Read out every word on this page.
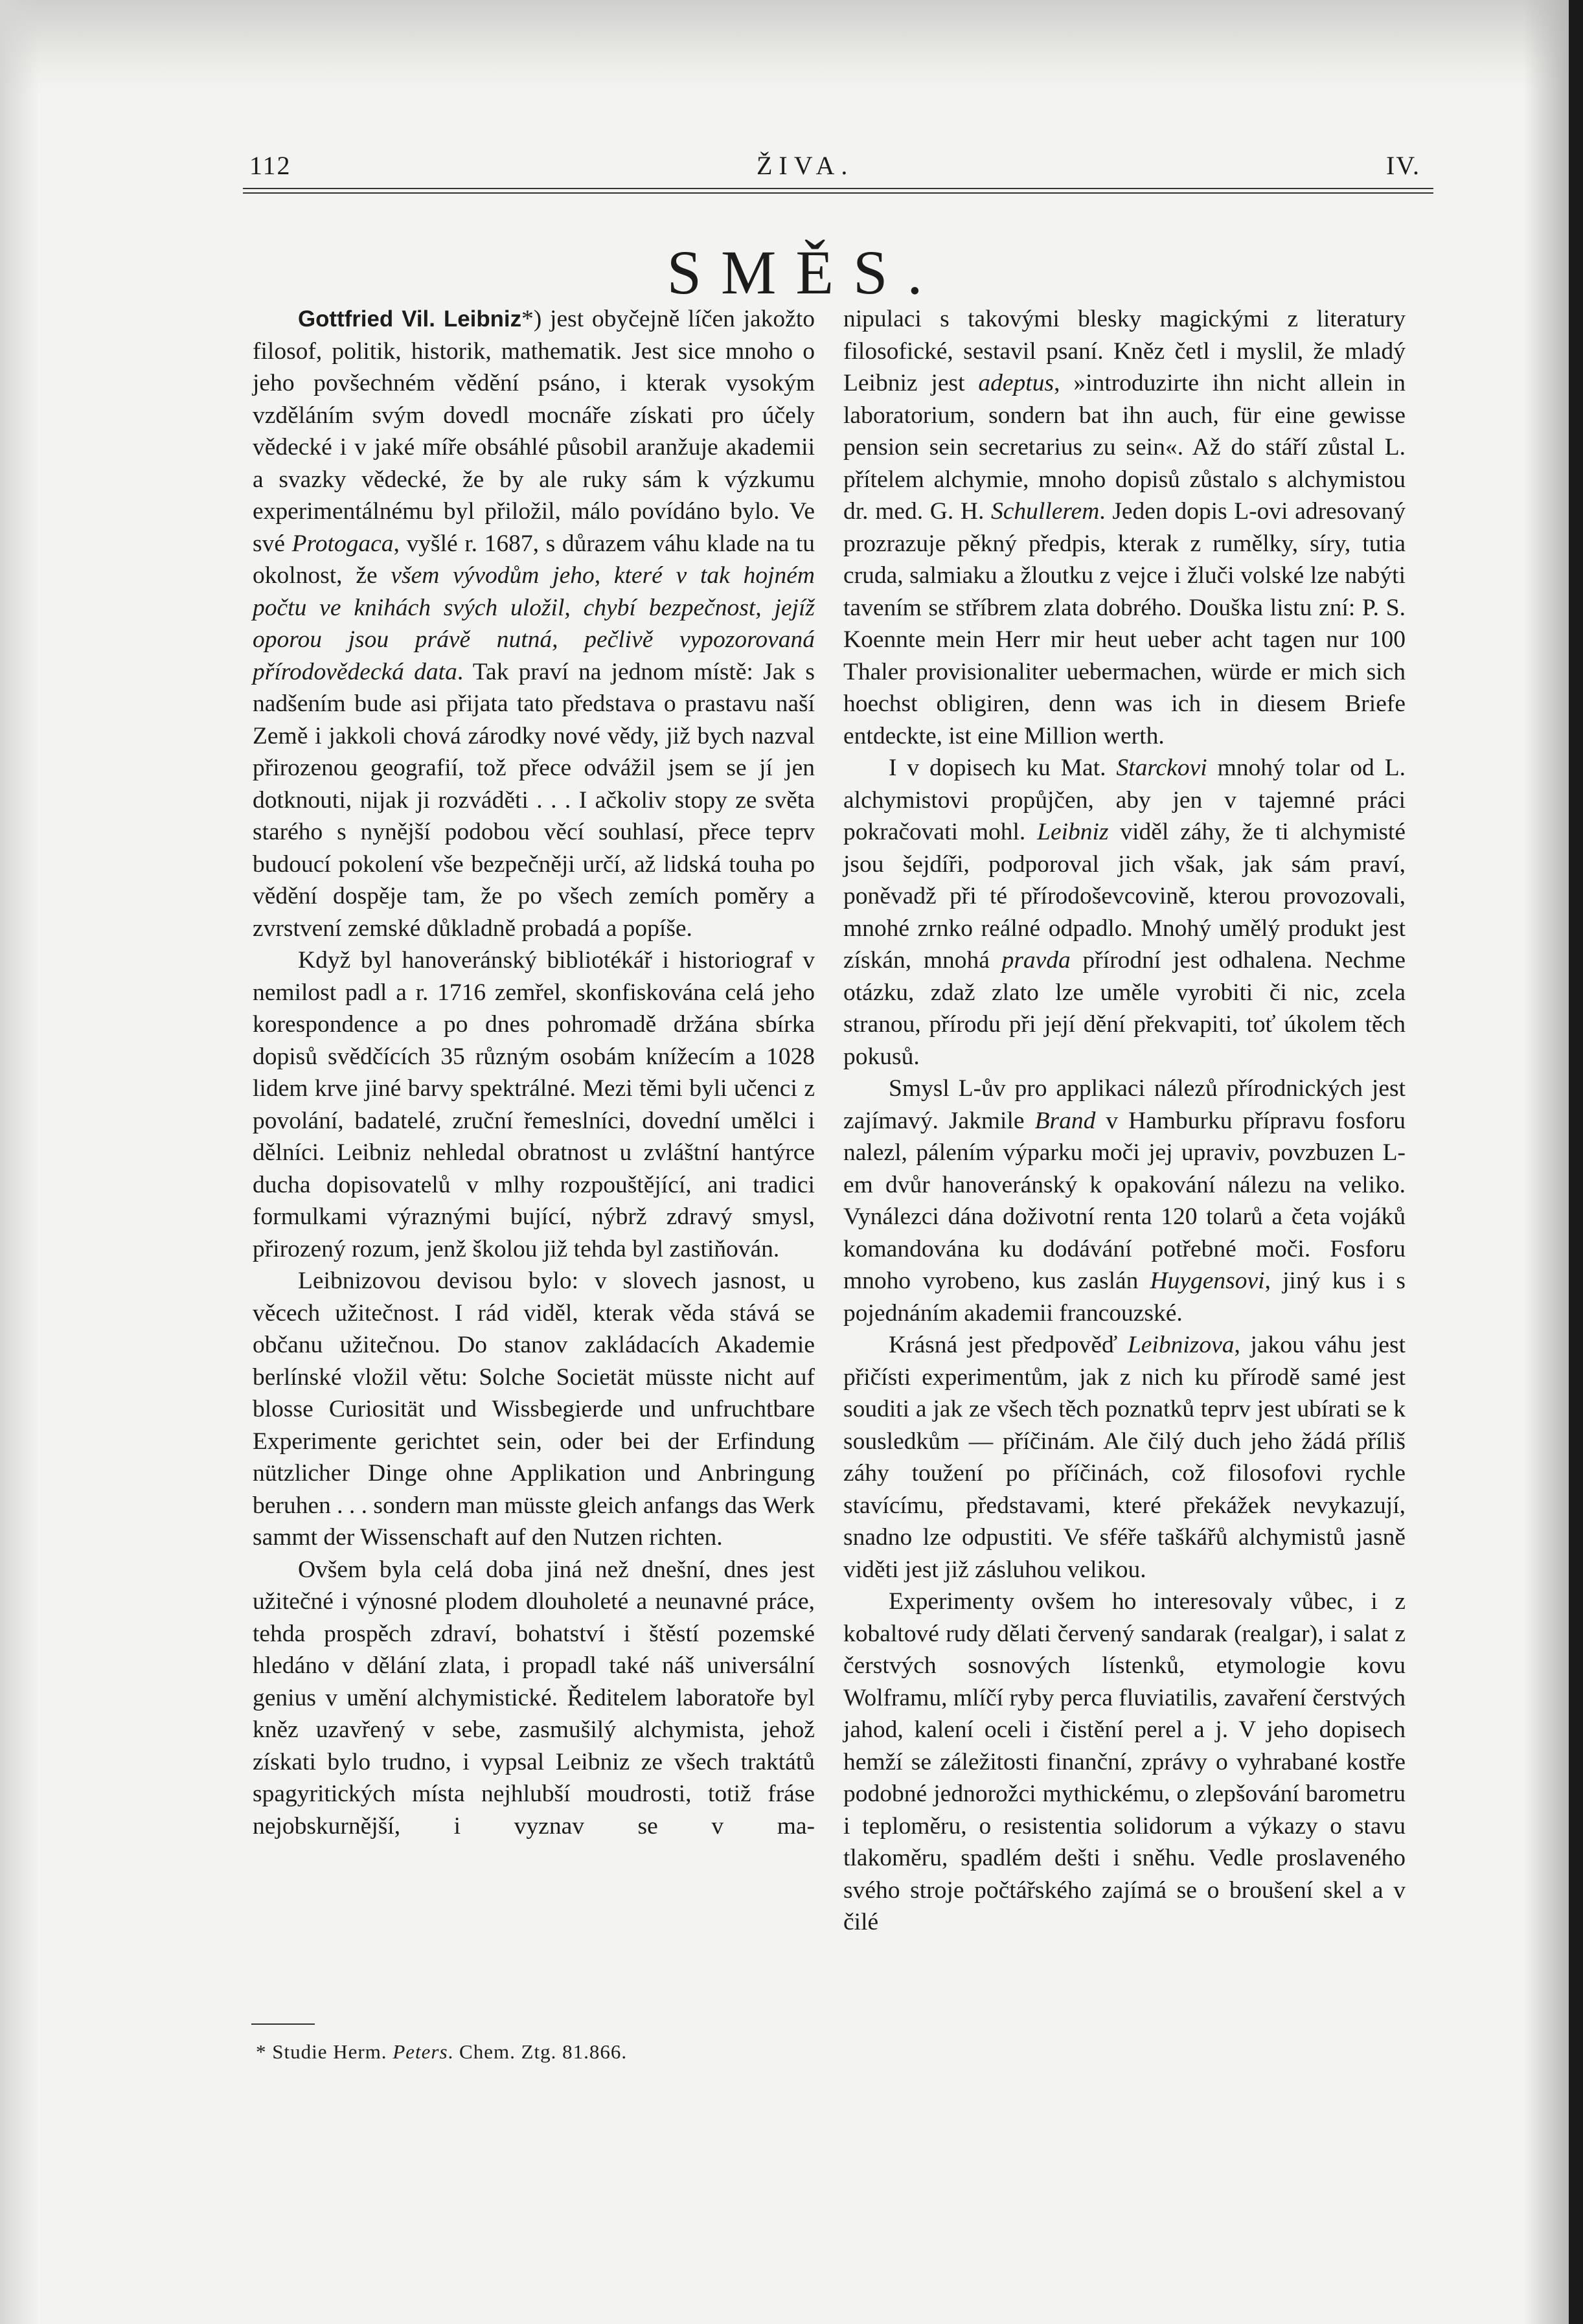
112	ŽIVA.	IV.
SMĚS.

Gottfried Vil. Leibniz*) jest obyčejně líčen jakožto filosof, politik, historik, mathematik. Jest sice mnoho o jeho povšechném vědění psáno, i kterak vysokým vzděláním svým dovedl mocnáře získati pro účely vědecké i v jaké míře obsáhlé působil aranžuje akademii a svazky vědecké, že by ale ruky sám k výzkumu experimentálnému byl přiložil, málo povídáno bylo. Ve své Protogaca, vyšlé r. 1687, s důrazem váhu klade na tu okolnost, že všem vývodům jeho, které v tak hojném počtu ve knihách svých uložil, chybí bezpečnost, jejíž oporou jsou právě nutná, pečlivě vypozorovaná přírodovědecká data. Tak praví na jednom místě: Jak s nadšením bude asi přijata tato představa o prastavu naší Země i jakkoli chová zárodky nové vědy, již bych nazval přirozenou geografií, tož přece odvážil jsem se jí jen dotknouti, nijak ji rozváděti . . . I ačkoliv stopy ze světa starého s nynější podobou věcí souhlasí, přece teprv budoucí pokolení vše bezpečněji určí, až lidská touha po vědění dospěje tam, že po všech zemích poměry a zvrstvení zemské důkladně probadá a popíše.

Když byl hanoveránský bibliotékář i historiograf v nemilost padl a r. 1716 zemřel, skonfiskována celá jeho korespondence a po dnes pohromadě držána sbírka dopisů svědčících 35 různým osobám knížecím a 1028 lidem krve jiné barvy spektrálné. Mezi těmi byli učenci z povolání, badatelé, zruční řemeslníci, dovední umělci i dělníci. Leibniz nehledal obratnost u zvláštní hantýrce ducha dopisovatelů v mlhy rozpouštějící, ani tradici formulkami výraznými bující, nýbrž zdravý smysl, přirozený rozum, jenž školou již tehda byl zastiňován.

Leibnizovou devisou bylo: v slovech jasnost, u věcech užitečnost. I rád viděl, kterak věda stává se občanu užitečnou. Do stanov zakládacích Akademie berlínské vložil větu: Solche Societät müsste nicht auf blosse Curiosität und Wissbegierde und unfruchtbare Experimente gerichtet sein, oder bei der Erfindung nützlicher Dinge ohne Applikation und Anbringung beruhen . . . sondern man müsste gleich anfangs das Werk sammt der Wissenschaft auf den Nutzen richten.

Ovšem byla celá doba jiná než dnešní, dnes jest užitečné i výnosné plodem dlouholeté a neunavné práce, tehda prospěch zdraví, bohatství i štěstí pozemské hledáno v dělání zlata, i propadl také náš universální genius v umění alchymistické. Ředitelem laboratoře byl kněz uzavřený v sebe, zasmušilý alchymista, jehož získati bylo trudno, i vypsal Leibniz ze všech traktátů spagyritických místa nejhlubší moudrosti, totiž fráse nejobskurnější, i vyznav se v ma-

nipulaci s takovými blesky magickými z literatury filosofické, sestavil psaní. Kněz četl i myslil, že mladý Leibniz jest adeptus, »introduzirte ihn nicht allein in laboratorium, sondern bat ihn auch, für eine gewisse pension sein secretarius zu sein«. Až do stáří zůstal L. přítelem alchymie, mnoho dopisů zůstalo s alchymistou dr. med. G. H. Schullerem. Jeden dopis L-ovi adresovaný prozrazuje pěkný předpis, kterak z rumělky, síry, tutia cruda, salmiaku a žloutku z vejce i žluči volské lze nabýti tavením se stříbrem zlata dobrého. Douška listu zní: P. S. Koennte mein Herr mir heut ueber acht tagen nur 100 Thaler provisionaliter uebermachen, würde er mich sich hoechst obligiren, denn was ich in diesem Briefe entdeckte, ist eine Million werth.

I v dopisech ku Mat. Starckovi mnohý tolar od L. alchymistovi propůjčen, aby jen v tajemné práci pokračovati mohl. Leibniz viděl záhy, že ti alchymisté jsou šejdíři, podporoval jich však, jak sám praví, poněvadž při té přírodoševcovině, kterou provozovali, mnohé zrnko reálné odpadlo. Mnohý umělý produkt jest získán, mnohá pravda přírodní jest odhalena. Nechme otázku, zdaž zlato lze uměle vyrobiti či nic, zcela stranou, přírodu při její dění překvapiti, toť úkolem těch pokusů.

Smysl L-ův pro applikaci nálezů přírodnických jest zajímavý. Jakmile Brand v Hamburku přípravu fosforu nalezl, pálením výparku moči jej upraviv, povzbuzen L-em dvůr hanoveránský k opakování nálezu na veliko. Vynálezci dána doživotní renta 120 tolarů a četa vojáků komandována ku dodávání potřebné moči. Fosforu mnoho vyrobeno, kus zaslán Huygensovi, jiný kus i s pojednáním akademii francouzské.

Krásná jest předpověď Leibnizova, jakou váhu jest přičísti experimentům, jak z nich ku přírodě samé jest souditi a jak ze všech těch poznatků teprv jest ubírati se k sousledkům — příčinám. Ale čilý duch jeho žádá příliš záhy toužení po příčinách, což filosofovi rychle stavícímu, představami, které překážek nevykazují, snadno lze odpustiti. Ve sféře taškářů alchymistů jasně viděti jest již zásluhou velikou.

Experimenty ovšem ho interesovaly vůbec, i z kobaltové rudy dělati červený sandarak (realgar), i salat z čerstvých sosnových lístenků, etymologie kovu Wolframu, mlíčí ryby perca fluviatilis, zavaření čerstvých jahod, kalení oceli i čistění perel a j. V jeho dopisech hemží se záležitosti finanční, zprávy o vyhrabané kostře podobné jednorožci mythickému, o zlepšování barometru i teploměru, o resistentia solidorum a výkazy o stavu tlakoměru, spadlém dešti i sněhu. Vedle proslaveného svého stroje počtářského zajímá se o broušení skel a v čilé

* Studie Herm. Peters. Chem. Ztg. 81.866.
